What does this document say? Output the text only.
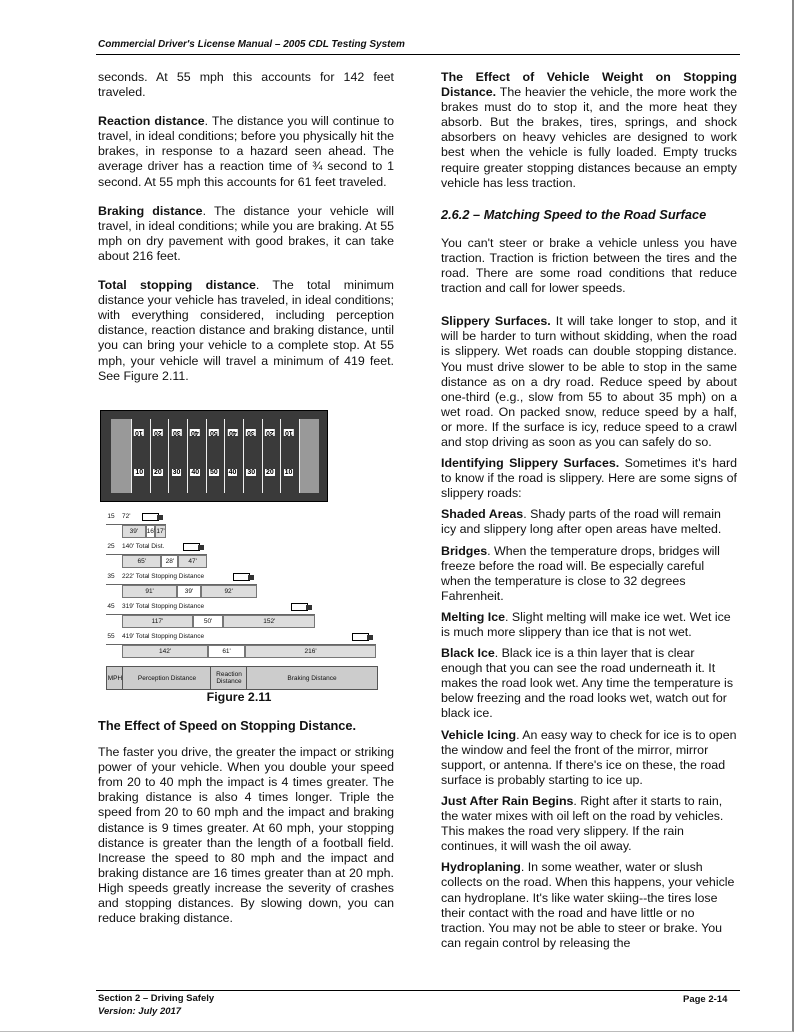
Commercial Driver's License Manual – 2005 CDL Testing System

seconds. At 55 mph this accounts for 142 feet traveled.

Reaction distance. The distance you will continue to travel, in ideal conditions; before you physically hit the brakes, in response to a hazard seen ahead. The average driver has a reaction time of ¾ second to 1 second. At 55 mph this accounts for 61 feet traveled.

Braking distance. The distance your vehicle will travel, in ideal conditions; while you are braking. At 55 mph on dry pavement with good brakes, it can take about 216 feet.

Total stopping distance. The total minimum distance your vehicle has traveled, in ideal conditions; with everything considered, including perception distance, reaction distance and braking distance, until you can bring your vehicle to a complete stop. At 55 mph, your vehicle will travel a minimum of 419 feet. See Figure 2.11.

10 20 30 40 50 40 30 20 10
10 20 30 40 50 40 30 20 10
MPH	Perception Distance	Reaction Distance	Braking Distance
15	72'
39'	16' 17'
25	140' Total Dist.
65'	28'	47'
35	222' Total Stopping Distance
91'	39'	92'
45	319' Total Stopping Distance
117'	50'	152'
55	419' Total Stopping Distance
142'	61'	216'
Figure 2.11
The Effect of Speed on Stopping Distance.

The faster you drive, the greater the impact or striking power of your vehicle. When you double your speed from 20 to 40 mph the impact is 4 times greater. The braking distance is also 4 times longer. Triple the speed from 20 to 60 mph and the impact and braking distance is 9 times greater. At 60 mph, your stopping distance is greater than the length of a football field. Increase the speed to 80 mph and the impact and braking distance are 16 times greater than at 20 mph. High speeds greatly increase the severity of crashes and stopping distances. By slowing down, you can reduce braking distance.

The Effect of Vehicle Weight on Stopping Distance. The heavier the vehicle, the more work the brakes must do to stop it, and the more heat they absorb. But the brakes, tires, springs, and shock absorbers on heavy vehicles are designed to work best when the vehicle is fully loaded. Empty trucks require greater stopping distances because an empty vehicle has less traction.

2.6.2 – Matching Speed to the Road Surface

You can't steer or brake a vehicle unless you have traction. Traction is friction between the tires and the road. There are some road conditions that reduce traction and call for lower speeds.

Slippery Surfaces. It will take longer to stop, and it will be harder to turn without skidding, when the road is slippery. Wet roads can double stopping distance. You must drive slower to be able to stop in the same distance as on a dry road. Reduce speed by about one-third (e.g., slow from 55 to about 35 mph) on a wet road. On packed snow, reduce speed by a half, or more. If the surface is icy, reduce speed to a crawl and stop driving as soon as you can safely do so.

Identifying Slippery Surfaces. Sometimes it's hard to know if the road is slippery. Here are some signs of slippery roads:

Shaded Areas. Shady parts of the road will remain icy and slippery long after open areas have melted.

Bridges. When the temperature drops, bridges will freeze before the road will. Be especially careful when the temperature is close to 32 degrees Fahrenheit.

Melting Ice. Slight melting will make ice wet. Wet ice is much more slippery than ice that is not wet.

Black Ice. Black ice is a thin layer that is clear enough that you can see the road underneath it. It makes the road look wet. Any time the temperature is below freezing and the road looks wet, watch out for black ice.

Vehicle Icing. An easy way to check for ice is to open the window and feel the front of the mirror, mirror support, or antenna. If there's ice on these, the road surface is probably starting to ice up.

Just After Rain Begins. Right after it starts to rain, the water mixes with oil left on the road by vehicles. This makes the road very slippery. If the rain continues, it will wash the oil away.

Hydroplaning. In some weather, water or slush collects on the road. When this happens, your vehicle can hydroplane. It's like water skiing--the tires lose their contact with the road and have little or no traction. You may not be able to steer or brake. You can regain control by releasing the

Section 2 – Driving Safely
Version: July 2017
Page 2-14
